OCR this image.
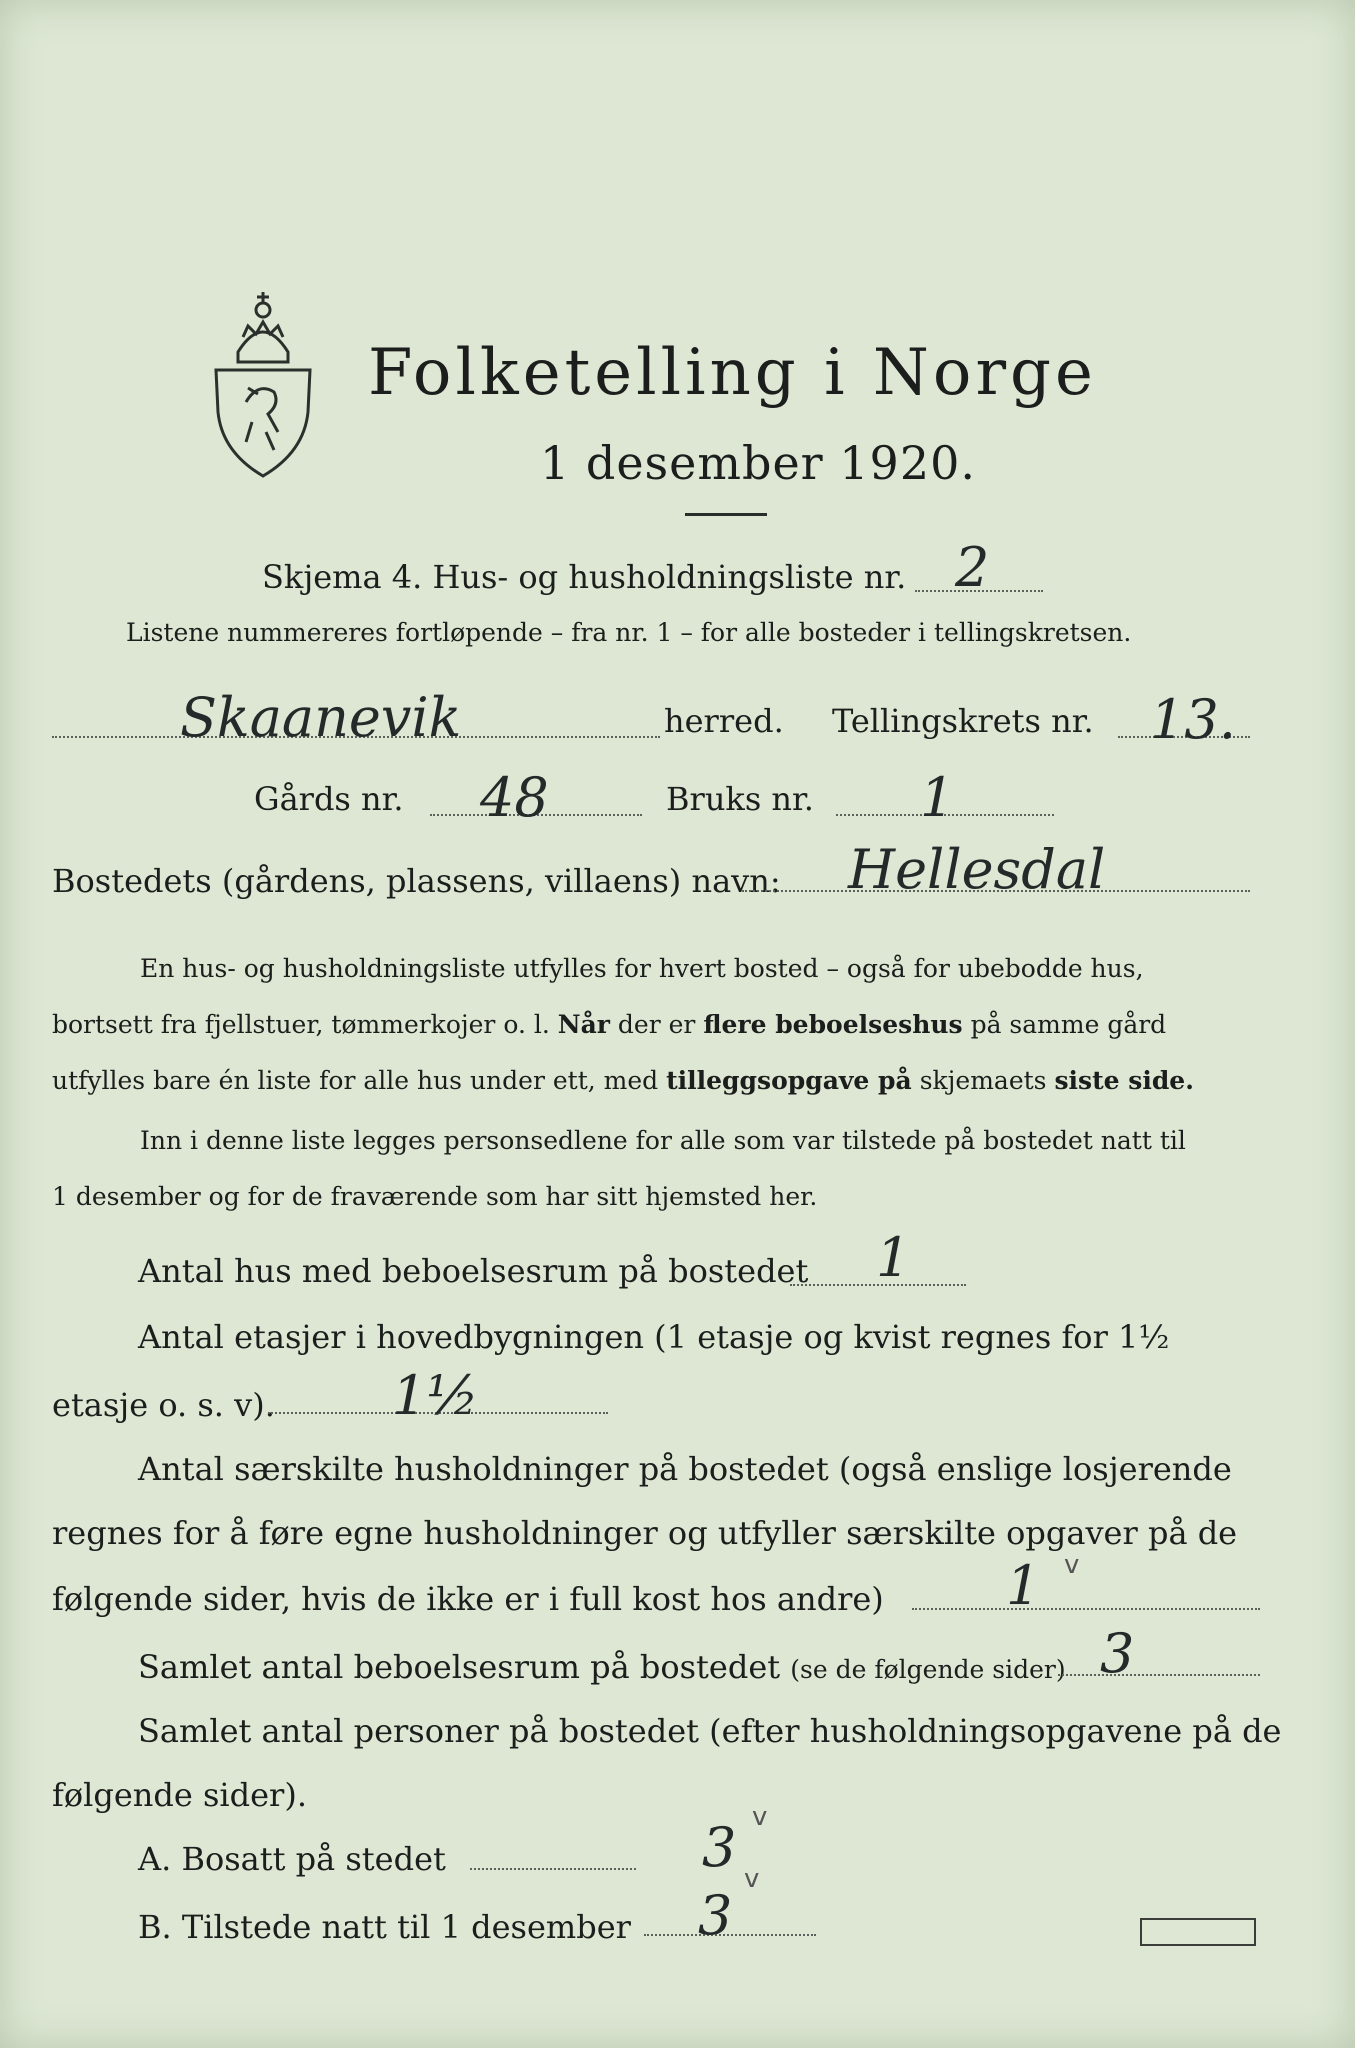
Folketelling i Norge
1 desember 1920.
Skjema 4. Hus- og husholdningsliste nr. 2
Listene nummereres fortløpende – fra nr. 1 – for alle bosteder i tellingskretsen.
Skaanevik	herred. Tellingskrets nr. 13.
Gårds nr. 48	Bruks nr. 1
Bostedets (gårdens, plassens, villaens) navn: Hellesdal
En hus- og husholdningsliste utfylles for hvert bosted – også for ubebodde hus,
bortsett fra fjellstuer, tømmerkojer o. l. Når der er flere beboelseshus på samme gård
utfylles bare én liste for alle hus under ett, med tilleggsopgave på skjemaets siste side.
Inn i denne liste legges personsedlene for alle som var tilstede på bostedet natt til
1 desember og for de fraværende som har sitt hjemsted her.
Antal hus med beboelsesrum på bostedet 1
Antal etasjer i hovedbygningen (1 etasje og kvist regnes for 1½
etasje o. s. v). 1½
Antal særskilte husholdninger på bostedet (også enslige losjerende
regnes for å føre egne husholdninger og utfyller særskilte opgaver på de
følgende sider, hvis de ikke er i full kost hos andre) 1 v
Samlet antal beboelsesrum på bostedet (se de følgende sider) 3
Samlet antal personer på bostedet (efter husholdningsopgavene på de
følgende sider).
A. Bosatt på stedet	3 v
B. Tilstede natt til 1 desember 3
v
